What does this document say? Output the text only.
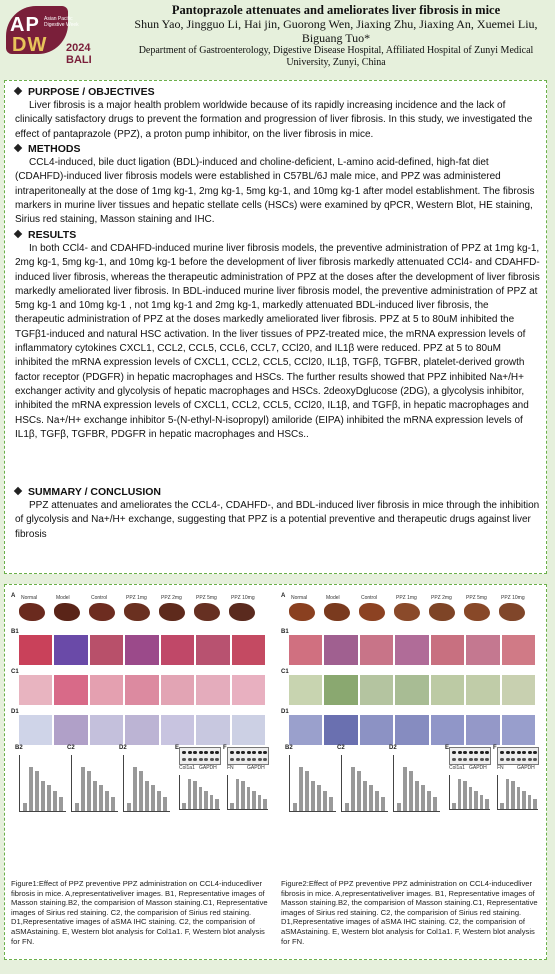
AP
DW
Asian Pacific Digestive Week
2024 BALI
Pantoprazole attenuates and ameliorates liver fibrosis in mice
Shun Yao, Jingguo Li, Hai jin, Guorong Wen, Jiaxing Zhu, Jiaxing An, Xuemei Liu, Biguang Tuo*
Department of Gastroenterology, Digestive Disease Hospital, Affiliated Hospital of Zunyi Medical University, Zunyi, China
PURPOSE / OBJECTIVES
Liver fibrosis is a major health problem worldwide because of its rapidly increasing incidence and the lack of clinically satisfactory drugs to prevent the formation and progression of liver fibrosis. In this study, we investigated the effect of pantaprazole (PPZ), a proton pump inhibitor, on the liver fibrosis in mice.
METHODS
CCL4-induced, bile duct ligation (BDL)-induced and choline-deficient, L-amino acid-defined, high-fat diet (CDAHFD)-induced liver fibrosis models were established in C57BL/6J male mice, and PPZ was administered intraperitoneally at the dose of 1mg kg-1, 2mg kg-1, 5mg kg-1, and 10mg kg-1 after model establishment. The fibrosis markers in murine liver tissues and hepatic stellate cells (HSCs) were examined by qPCR, Western Blot, HE staining, Sirius red staining, Masson staining and IHC.
RESULTS
In both CCl4- and CDAHFD-induced murine liver fibrosis models, the preventive administration of PPZ at 1mg kg-1, 2mg kg-1, 5mg kg-1, and 10mg kg-1 before the development of liver fibrosis markedly attenuated CCl4- and CDAHFD-induced liver fibrosis, whereas the therapeutic administration of PPZ at the doses after the development of liver fibrosis markedly ameliorated liver fibrosis. In BDL-induced murine liver fibrosis model, the preventive administration of PPZ at 5mg kg-1 and 10mg kg-1 , not 1mg kg-1 and 2mg kg-1, markedly attenuated BDL-induced liver fibrosis, the therapeutic administration of PPZ at the doses markedly ameliorated liver fibrosis. PPZ at 5 to 80uM inhibited the TGFβ1-induced and natural HSC activation. In the liver tissues of PPZ-treated mice, the mRNA expression levels of inflammatory cytokines CXCL1, CCL2, CCL5, CCL6, CCL7, CCl20, and IL1β were reduced. PPZ at 5 to 80uM inhibited the mRNA expression levels of CXCL1, CCL2, CCL5, CCl20, IL1β, TGFβ, TGFBR, platelet-derived growth factor receptor (PDGFR) in hepatic macrophages and HSCs. The further results showed that PPZ inhibited Na+/H+ exchanger activity and glycolysis of hepatic macrophages and HSCs. 2deoxyDglucose (2DG), a glycolysis inhibitor, inhibited the mRNA expression levels of CXCL1, CCL2, CCL5, CCl20, IL1β, and TGFβ, in hepatic macrophages and HSCs. Na+/H+ exchange inhibitor 5-(N-ethyl-N-isopropyl) amiloride (EIPA) inhibited the mRNA expression levels of IL1β, TGFβ, TGFBR, PDGFR in hepatic macrophages and HSCs..
SUMMARY / CONCLUSION
PPZ attenuates and ameliorates the CCL4-, CDAHFD-, and BDL-induced liver fibrosis in mice through the inhibition of glycolysis and Na+/H+ exchange, suggesting that PPZ is a potential preventive and therapeutic drugs against liver fibrosis
A Normal	Model	Control	PPZ 1mg	PPZ 2mg	PPZ 5mg	PPZ 10mg
B1
C1
D1
B2	C2	D2	E
Col1a1 GAPDH
F
FN	GAPDH
A Normal	Model	Control	PPZ 1mg	PPZ 2mg	PPZ 5mg	PPZ 10mg
B1
C1
D1
B2	C2	D2	E
Col1a1 GAPDH
F
FN	GAPDH
Figure1:Effect of PPZ preventive PPZ administration on CCL4-inducedliver fibrosis in mice. A,representativeliver images. B1, Representative images of Masson staining.B2, the comparision of Masson staining.C1, Representative images of Sirius red staining. C2, the comparision of Sirius red staining. D1,Representative images of aSMA IHC staining. C2, the comparision of aSMAstaining. E, Western blot analysis for Col1a1. F, Western blot analysis for FN.
Figure2:Effect of PPZ preventive PPZ administration on CCL4-inducedliver fibrosis in mice. A,representativeliver images. B1, Representative images of Masson staining.B2, the comparision of Masson staining.C1, Representative images of Sirius red staining. C2, the comparision of Sirius red staining. D1,Representative images of aSMA IHC staining. C2, the comparision of aSMAstaining. E, Western blot analysis for Col1a1. F, Western blot analysis for FN.
